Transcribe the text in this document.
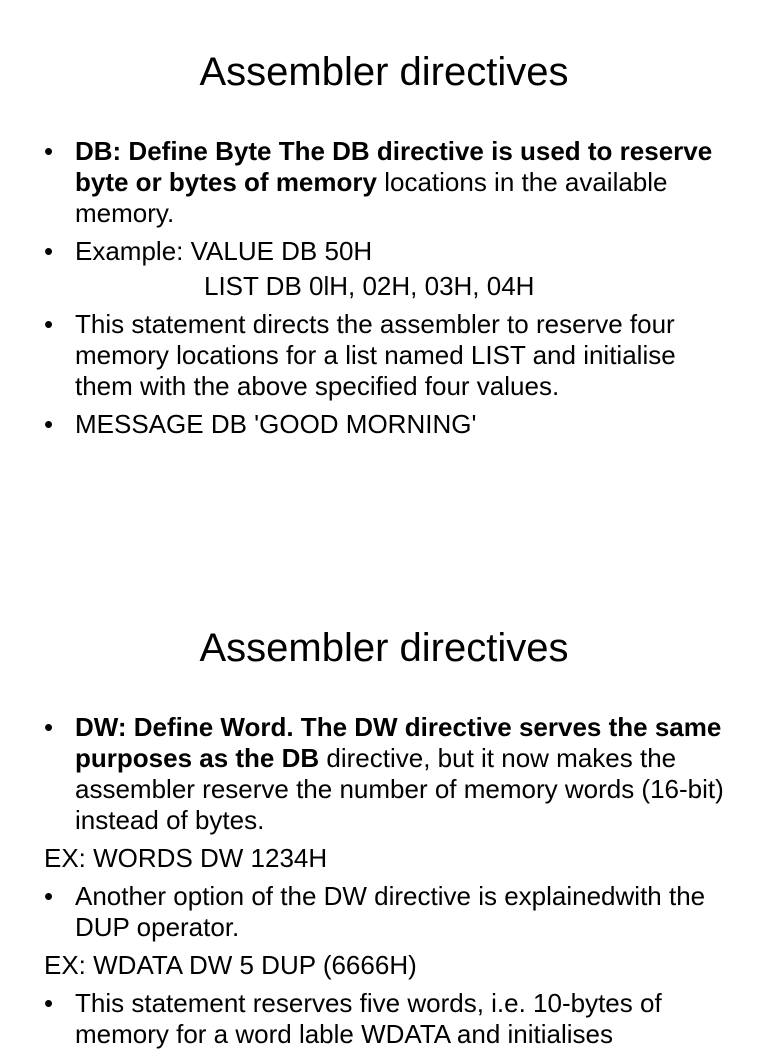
Assembler directives

• DB: Define Byte The DB directive is used to reserve byte or bytes of memory locations in the available memory.

• Example: VALUE DB 50H

LIST DB 0lH, 02H, 03H, 04H

• This statement directs the assembler to reserve four memory locations for a list named LIST and initialise them with the above specified four values.

• MESSAGE DB 'GOOD MORNING'

Assembler directives

• DW: Define Word. The DW directive serves the same purposes as the DB directive, but it now makes the assembler reserve the number of memory words (16-bit) instead of bytes.

EX: WORDS DW 1234H

• Another option of the DW directive is explainedwith the DUP operator.

EX: WDATA DW 5 DUP (6666H)

• This statement reserves five words, i.e. 10-bytes of memory for a word lable WDATA and initialises
